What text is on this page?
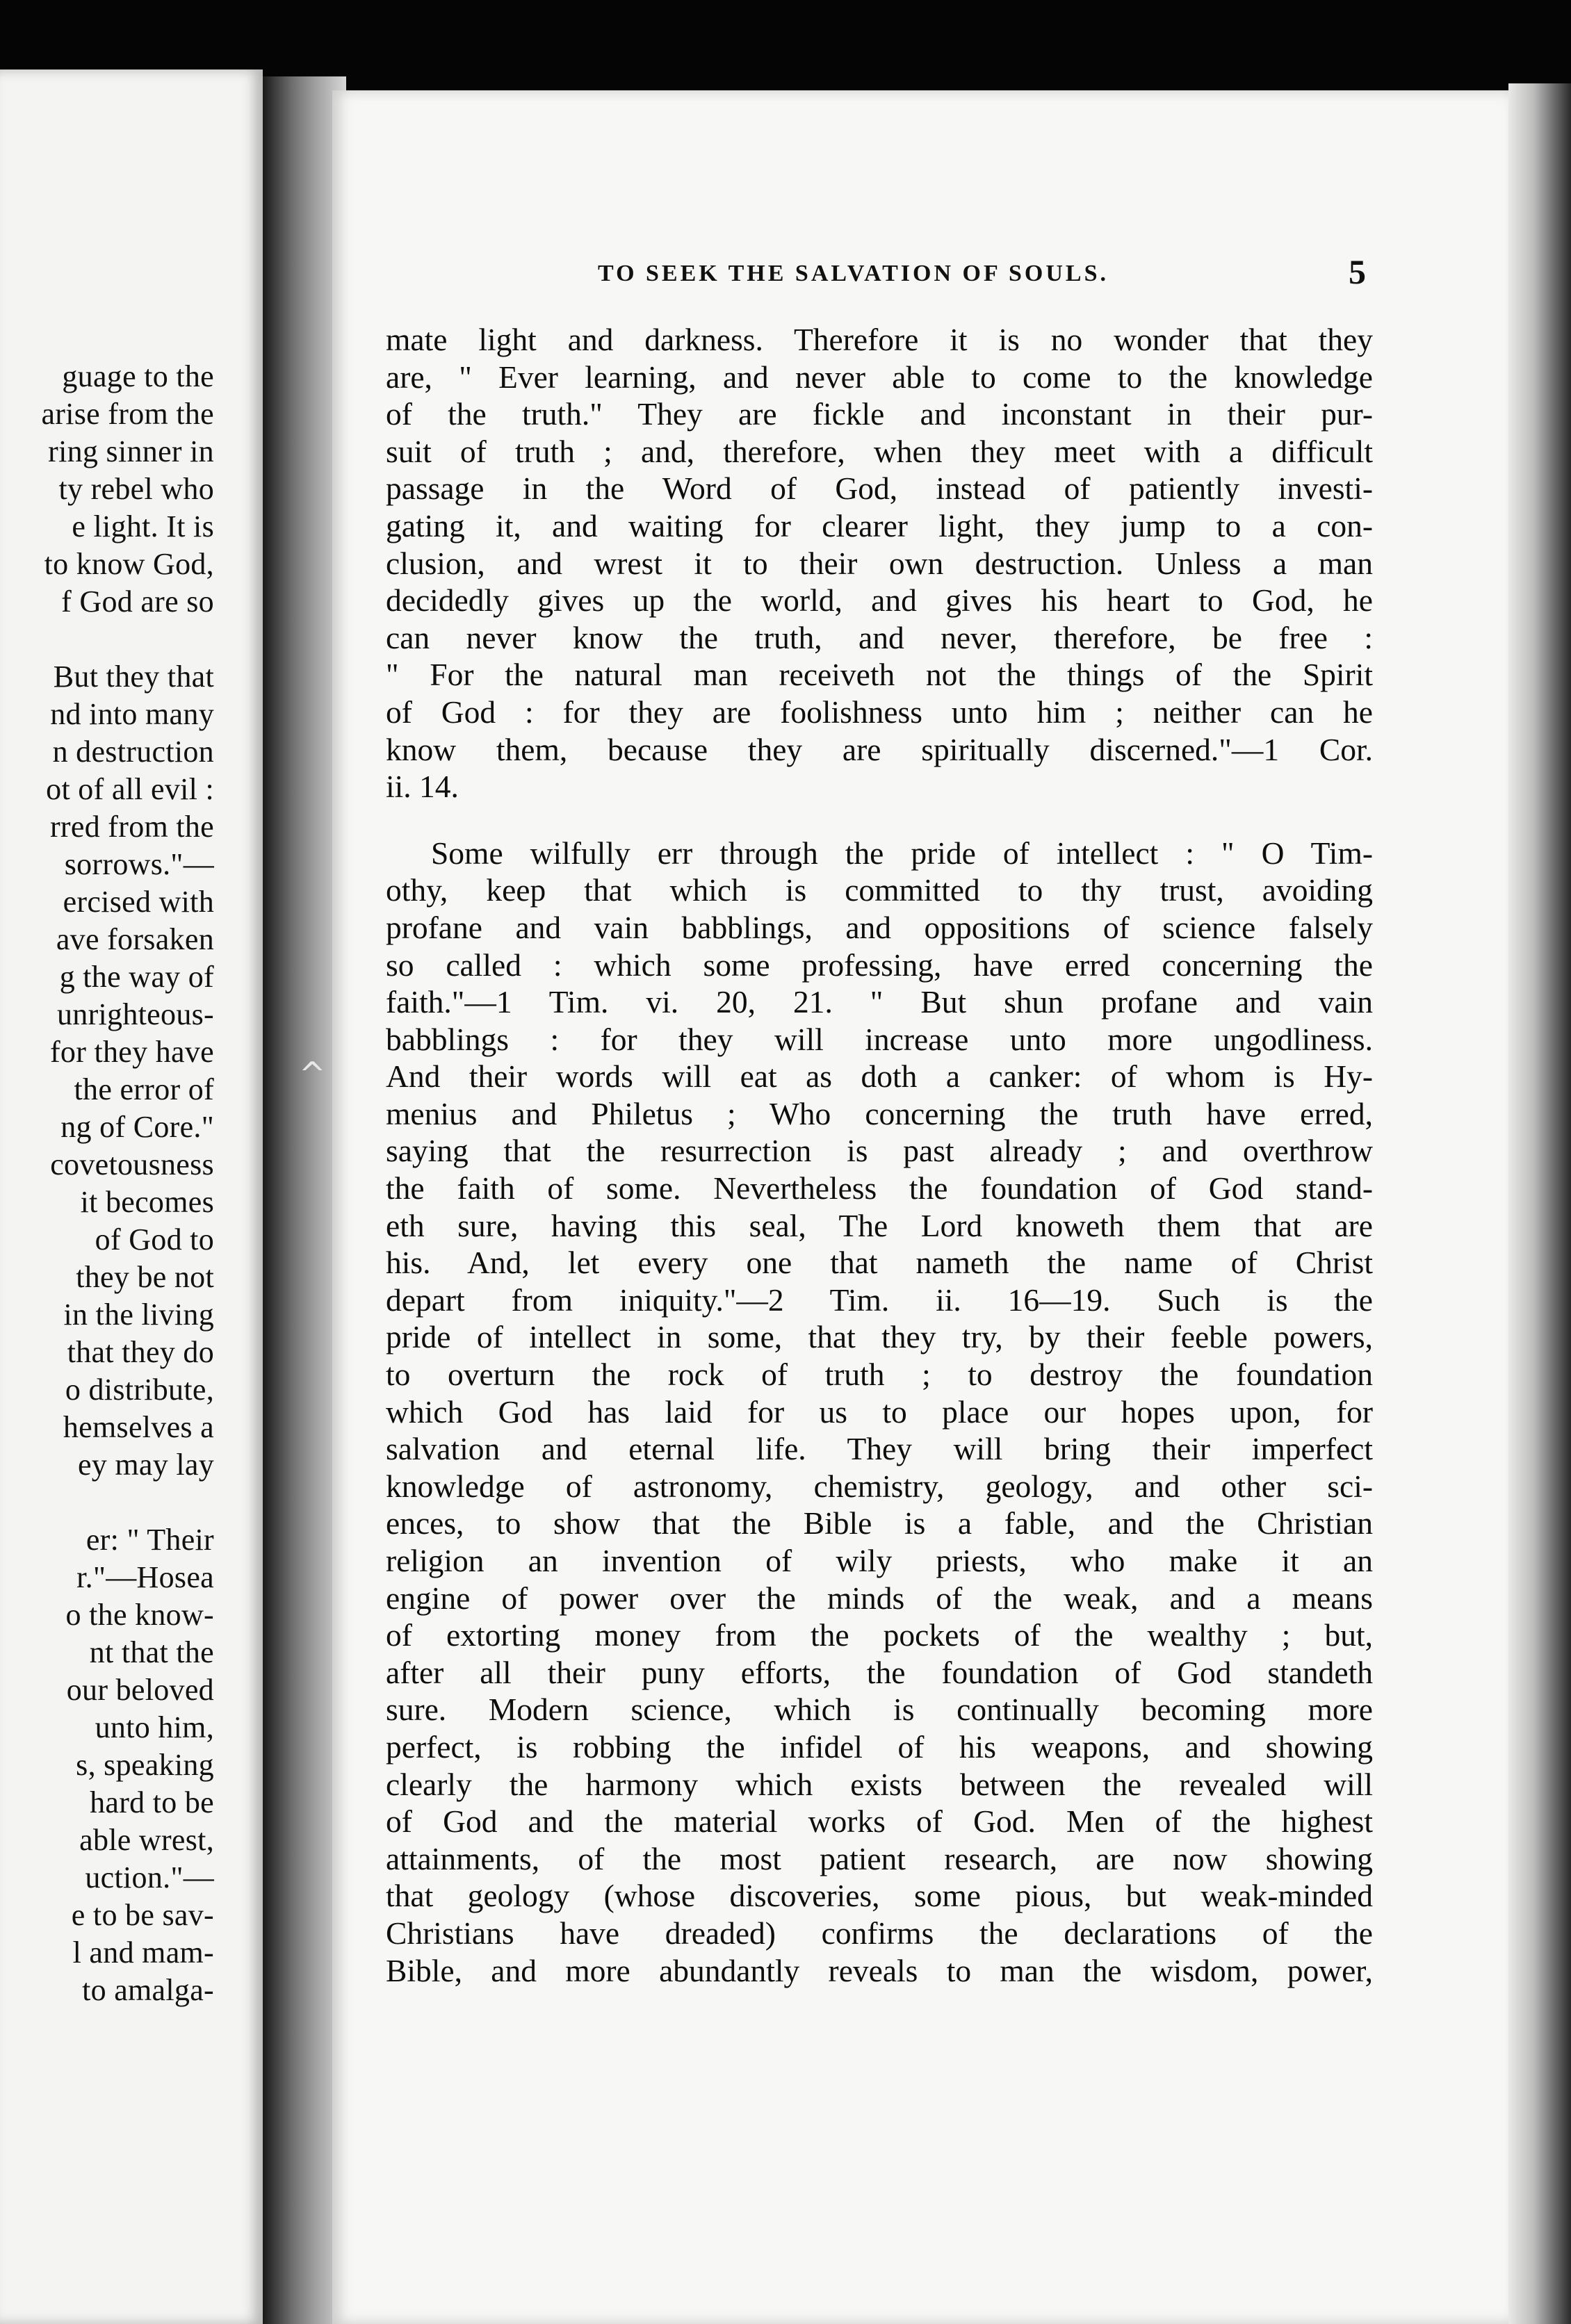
guage to the
arise from the
ring sinner in
ty rebel who
e light. It is
to know God,
f God are so
But they that
nd into many
n destruction
ot of all evil :
rred from the
sorrows."—
ercised with
ave forsaken
g the way of
unrighteous-
for they have
the error of
ng of Core."
covetousness
it becomes
of God to
they be not
in the living
that they do
o distribute,
hemselves a
ey may lay
er: " Their
r."—Hosea
o the know-
nt that the
our beloved
unto him,
s, speaking
hard to be
able wrest,
uction."—
e to be sav-
l and mam-
to amalga-
^
TO SEEK THE SALVATION OF SOULS.	5
mate light and darkness. Therefore it is no wonder that they
are, " Ever learning, and never able to come to the knowledge
of the truth." They are fickle and inconstant in their pur-
suit of truth ; and, therefore, when they meet with a difficult
passage in the Word of God, instead of patiently investi-
gating it, and waiting for clearer light, they jump to a con-
clusion, and wrest it to their own destruction. Unless a man
decidedly gives up the world, and gives his heart to God, he
can never know the truth, and never, therefore, be free :
" For the natural man receiveth not the things of the Spirit
of God : for they are foolishness unto him ; neither can he
know them, because they are spiritually discerned."—1 Cor.
ii. 14.
Some wilfully err through the pride of intellect : " O Tim-
othy, keep that which is committed to thy trust, avoiding
profane and vain babblings, and oppositions of science falsely
so called : which some professing, have erred concerning the
faith."—1 Tim. vi. 20, 21. " But shun profane and vain
babblings : for they will increase unto more ungodliness.
And their words will eat as doth a canker: of whom is Hy-
menius and Philetus ; Who concerning the truth have erred,
saying that the resurrection is past already ; and overthrow
the faith of some. Nevertheless the foundation of God stand-
eth sure, having this seal, The Lord knoweth them that are
his. And, let every one that nameth the name of Christ
depart from iniquity."—2 Tim. ii. 16—19. Such is the
pride of intellect in some, that they try, by their feeble powers,
to overturn the rock of truth ; to destroy the foundation
which God has laid for us to place our hopes upon, for
salvation and eternal life. They will bring their imperfect
knowledge of astronomy, chemistry, geology, and other sci-
ences, to show that the Bible is a fable, and the Christian
religion an invention of wily priests, who make it an
engine of power over the minds of the weak, and a means
of extorting money from the pockets of the wealthy ; but,
after all their puny efforts, the foundation of God standeth
sure. Modern science, which is continually becoming more
perfect, is robbing the infidel of his weapons, and showing
clearly the harmony which exists between the revealed will
of God and the material works of God. Men of the highest
attainments, of the most patient research, are now showing
that geology (whose discoveries, some pious, but weak-minded
Christians have dreaded) confirms the declarations of the
Bible, and more abundantly reveals to man the wisdom, power,
